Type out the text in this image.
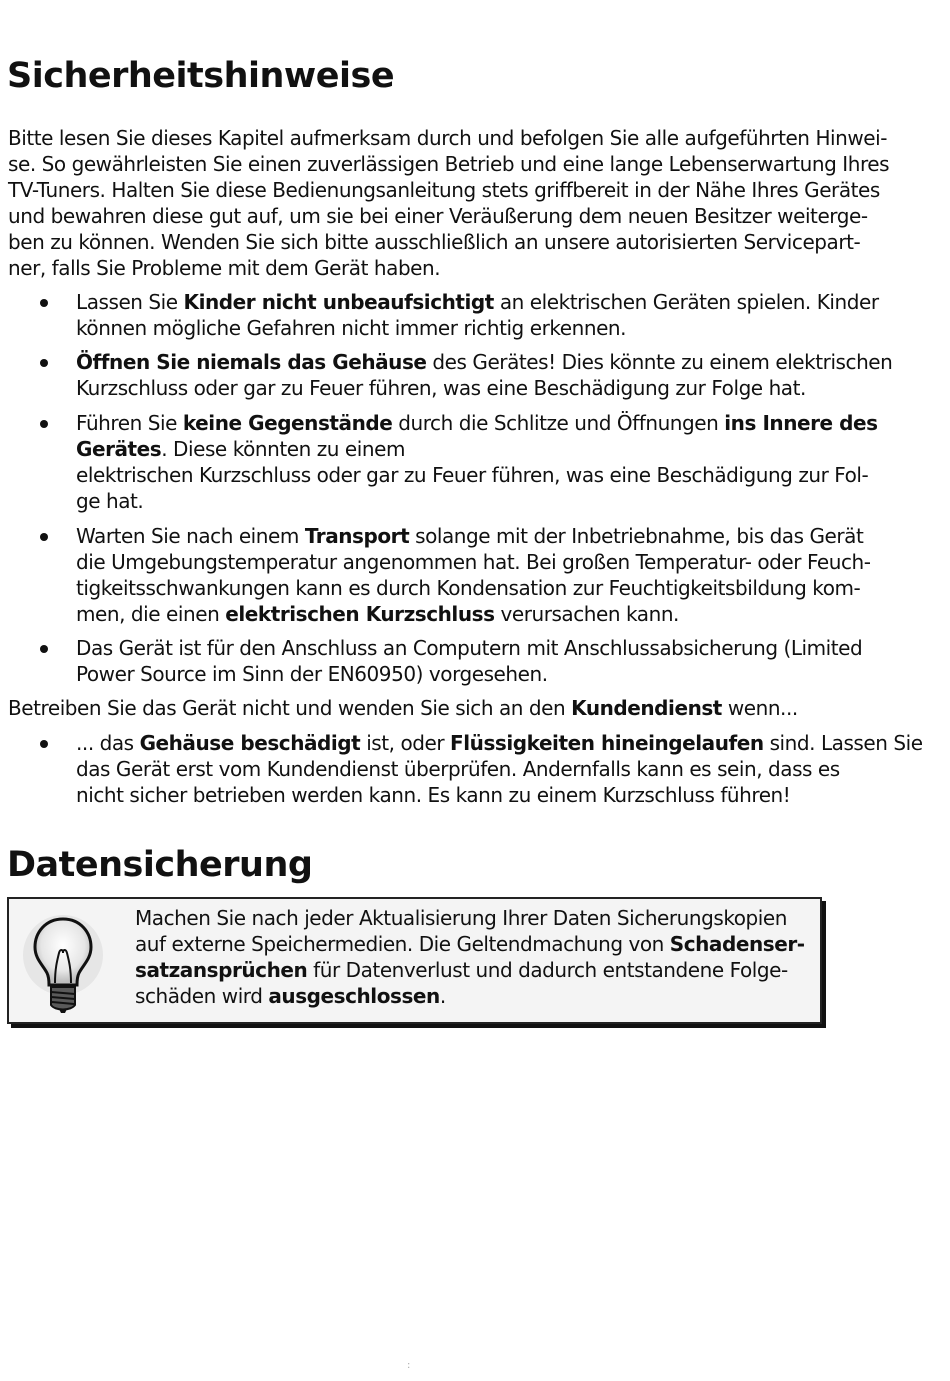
Sicherheitshinweise
Bitte lesen Sie dieses Kapitel aufmerksam durch und befolgen Sie alle aufgeführten Hinwei-
se. So gewährleisten Sie einen zuverlässigen Betrieb und eine lange Lebenserwartung Ihres
TV-Tuners. Halten Sie diese Bedienungsanleitung stets griffbereit in der Nähe Ihres Gerätes
und bewahren diese gut auf, um sie bei einer Veräußerung dem neuen Besitzer weiterge-
ben zu können. Wenden Sie sich bitte ausschließlich an unsere autorisierten Servicepart-
ner, falls Sie Probleme mit dem Gerät haben.
Lassen Sie Kinder nicht unbeaufsichtigt an elektrischen Geräten spielen. Kinder
können mögliche Gefahren nicht immer richtig erkennen.
Öffnen Sie niemals das Gehäuse des Gerätes! Dies könnte zu einem elektrischen
Kurzschluss oder gar zu Feuer führen, was eine Beschädigung zur Folge hat.
Führen Sie keine Gegenstände durch die Schlitze und Öffnungen ins Innere des
Gerätes. Diese könnten zu einem
elektrischen Kurzschluss oder gar zu Feuer führen, was eine Beschädigung zur Fol-
ge hat.
Warten Sie nach einem Transport solange mit der Inbetriebnahme, bis das Gerät
die Umgebungstemperatur angenommen hat. Bei großen Temperatur- oder Feuch-
tigkeitsschwankungen kann es durch Kondensation zur Feuchtigkeitsbildung kom-
men, die einen elektrischen Kurzschluss verursachen kann.
Das Gerät ist für den Anschluss an Computern mit Anschlussabsicherung (Limited
Power Source im Sinn der EN60950) vorgesehen.
Betreiben Sie das Gerät nicht und wenden Sie sich an den Kundendienst wenn...
... das Gehäuse beschädigt ist, oder Flüssigkeiten hineingelaufen sind. Lassen Sie
das Gerät erst vom Kundendienst überprüfen. Andernfalls kann es sein, dass es
nicht sicher betrieben werden kann. Es kann zu einem Kurzschluss führen!
Datensicherung
Machen Sie nach jeder Aktualisierung Ihrer Daten Sicherungskopien
auf externe Speichermedien. Die Geltendmachung von Schadenser-
satzansprüchen für Datenverlust und dadurch entstandene Folge-
schäden wird ausgeschlossen.
:
